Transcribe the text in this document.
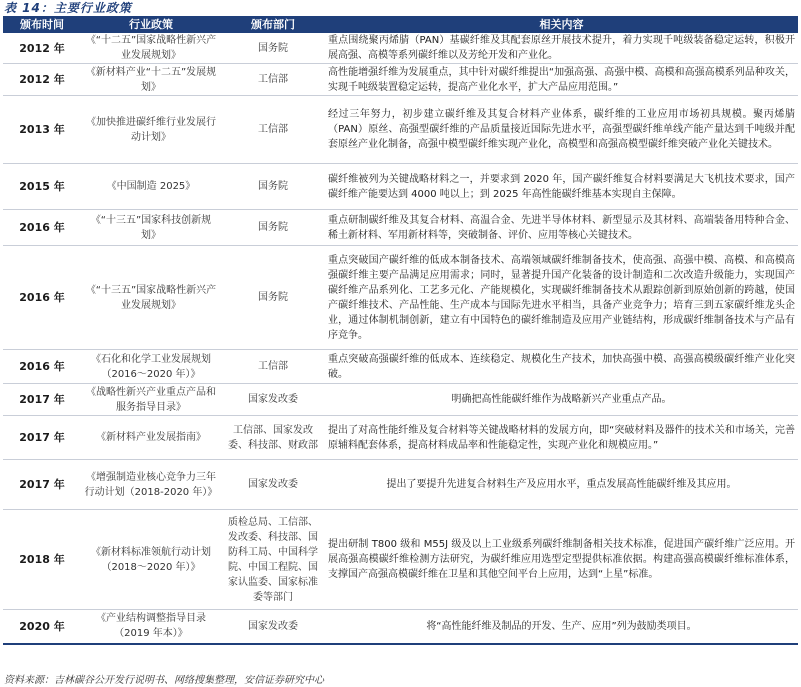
表 14：主要行业政策
颁布时间	行业政策	颁布部门	相关内容
2012 年	《“十二五”国家战略性新兴产业发展规划》	国务院	重点围绕聚丙烯腈（PAN）基碳纤维及其配套原丝开展技术提升，着力实现千吨级装备稳定运转，积极开展高强、高模等系列碳纤维以及芳纶开发和产业化。
2012 年	《新材料产业“十二五”发展规划》	工信部	高性能增强纤维为发展重点，其中针对碳纤维提出“加强高强、高强中模、高模和高强高模系列品种攻关，实现千吨级装置稳定运转，提高产业化水平，扩大产品应用范围。”
2013 年	《加快推进碳纤维行业发展行动计划》	工信部	经过三年努力，初步建立碳纤维及其复合材料产业体系，碳纤维的工业应用市场初具规模。聚丙烯腈（PAN）原丝、高强型碳纤维的产品质量接近国际先进水平，高强型碳纤维单线产能产量达到千吨级并配套原丝产业化制备，高强中模型碳纤维实现产业化，高模型和高强高模型碳纤维突破产业化关键技术。
2015 年	《中国制造 2025》	国务院	碳纤维被列为关键战略材料之一，并要求到 2020 年，国产碳纤维复合材料要满足大飞机技术要求，国产碳纤维产能要达到 4000 吨以上；到 2025 年高性能碳纤维基本实现自主保障。
2016 年	《“十三五”国家科技创新规划》	国务院	重点研制碳纤维及其复合材料、高温合金、先进半导体材料、新型显示及其材料、高端装备用特种合金、稀土新材料、军用新材料等，突破制备、评价、应用等核心关键技术。
2016 年	《“十三五”国家战略性新兴产业发展规划》	国务院	重点突破国产碳纤维的低成本制备技术、高端领域碳纤维制备技术，使高强、高强中模、高模、和高模高强碳纤维主要产品满足应用需求；同时，显著提升国产化装备的设计制造和二次改造升级能力，实现国产碳纤维产品系列化、工艺多元化、产能规模化，实现碳纤维制备技术从跟踪创新到原始创新的跨越，使国产碳纤维技术、产品性能、生产成本与国际先进水平相当，具备产业竞争力；培育三到五家碳纤维龙头企业，通过体制机制创新，建立有中国特色的碳纤维制造及应用产业链结构，形成碳纤维制备技术与产品有序竞争。
2016 年	《石化和化学工业发展规划（2016～2020 年）》	工信部	重点突破高强碳纤维的低成本、连续稳定、规模化生产技术，加快高强中模、高强高模级碳纤维产业化突破。
2017 年	《战略性新兴产业重点产品和服务指导目录》	国家发改委	明确把高性能碳纤维作为战略新兴产业重点产品。
2017 年	《新材料产业发展指南》	工信部、国家发改委、科技部、财政部	提出了对高性能纤维及复合材料等关键战略材料的发展方向，即“突破材料及器件的技术关和市场关，完善原辅料配套体系，提高材料成品率和性能稳定性，实现产业化和规模应用。”
2017 年	《增强制造业核心竞争力三年行动计划（2018-2020 年）》	国家发改委	提出了要提升先进复合材料生产及应用水平，重点发展高性能碳纤维及其应用。
2018 年	《新材料标准领航行动计划（2018～2020 年）》	质检总局、工信部、发改委、科技部、国防科工局、中国科学院、中国工程院、国家认监委、国家标准委等部门	提出研制 T800 级和 M55J 级及以上工业级系列碳纤维制备相关技术标准，促进国产碳纤维广泛应用。开展高强高模碳纤维检测方法研究，为碳纤维应用选型定型提供标准依据。构建高强高模碳纤维标准体系，支撑国产高强高模碳纤维在卫星和其他空间平台上应用，达到“上星”标准。
2020 年	《产业结构调整指导目录（2019 年本）》	国家发改委	将“高性能纤维及制品的开发、生产、应用”列为鼓励类项目。
资料来源：吉林碳谷公开发行说明书、网络搜集整理，安信证券研究中心
